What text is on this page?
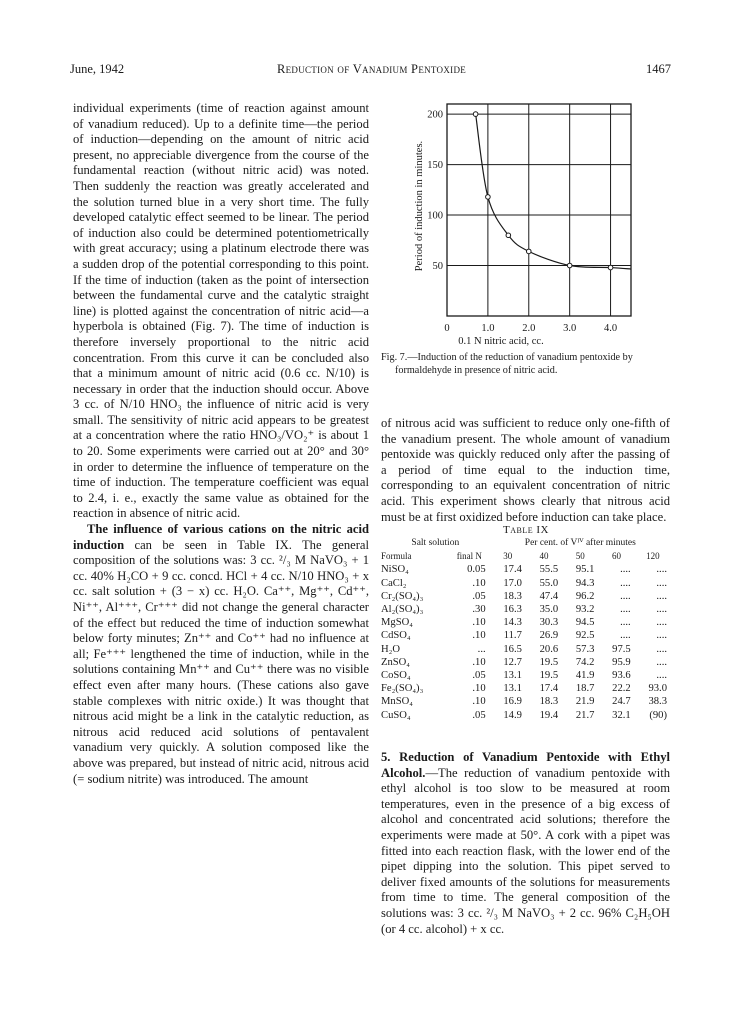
June, 1942	Reduction of Vanadium Pentoxide	1467

individual experiments (time of reaction against amount of vanadium reduced). Up to a definite time—the period of induction—depending on the amount of nitric acid present, no appreciable divergence from the course of the fundamental reaction (without nitric acid) was noted. Then suddenly the reaction was greatly accelerated and the solution turned blue in a very short time. The fully developed catalytic effect seemed to be linear. The period of induction also could be determined potentiometrically with great accuracy; using a platinum electrode there was a sudden drop of the potential corresponding to this point. If the time of induction (taken as the point of intersection between the fundamental curve and the catalytic straight line) is plotted against the concentration of nitric acid—a hyperbola is obtained (Fig. 7). The time of induction is therefore inversely proportional to the nitric acid concentration. From this curve it can be concluded also that a minimum amount of nitric acid (0.6 cc. N/10) is necessary in order that the induction should occur. Above 3 cc. of N/10 HNO₃ the influence of nitric acid is very small. The sensitivity of nitric acid appears to be greatest at a concentration where the ratio HNO₃/VO₂⁺ is about 1 to 20. Some experiments were carried out at 20° and 30° in order to determine the influence of temperature on the time of induction. The temperature coefficient was equal to 2.4, i. e., exactly the same value as obtained for the reaction in absence of nitric acid.

The influence of various cations on the nitric acid induction can be seen in Table IX. The general composition of the solutions was: 3 cc. ²/₃ M NaVO₃ + 1 cc. 40% H₂CO + 9 cc. concd. HCl + 4 cc. N/10 HNO₃ + x cc. salt solution + (3 − x) cc. H₂O. Ca⁺⁺, Mg⁺⁺, Cd⁺⁺, Ni⁺⁺, Al⁺⁺⁺, Cr⁺⁺⁺ did not change the general character of the effect but reduced the time of induction somewhat below forty minutes; Zn⁺⁺ and Co⁺⁺ had no influence at all; Fe⁺⁺⁺ lengthened the time of induction, while in the solutions containing Mn⁺⁺ and Cu⁺⁺ there was no visible effect even after many hours. (These cations also gave stable complexes with nitric oxide.) It was thought that nitrous acid might be a link in the catalytic reduction, as nitrous acid reduced acid solutions of pentavalent vanadium very quickly. A solution composed like the above was prepared, but instead of nitric acid, nitrous acid (= sodium nitrite) was introduced. The amount

0	1.0	2.0	3.0	4.0
50
100
150
200
Period of induction in minutes.
0.1 N nitric acid, cc.
Fig. 7.—Induction of the reduction of vanadium pentoxide by formaldehyde in presence of nitric acid.

of nitrous acid was sufficient to reduce only one-fifth of the vanadium present. The whole amount of vanadium pentoxide was quickly reduced only after the passing of a period of time equal to the induction time, corresponding to an equivalent concentration of nitric acid. This experiment shows clearly that nitrous acid must be at first oxidized before induction can take place.

Table IX
Salt solution		Per cent. of Vᴵⱽ after minutes				
Formula	final N	30	40	50	60	120
NiSO₄	0.05	17.4	55.5	95.1	....	....
CaCl₂	.10	17.0	55.0	94.3	....	....
Cr₂(SO₄)₃	.05	18.3	47.4	96.2	....	....
Al₂(SO₄)₃	.30	16.3	35.0	93.2	....	....
MgSO₄	.10	14.3	30.3	94.5	....	....
CdSO₄	.10	11.7	26.9	92.5	....	....
H₂O	...	16.5	20.6	57.3	97.5	....
ZnSO₄	.10	12.7	19.5	74.2	95.9	....
CoSO₄	.05	13.1	19.5	41.9	93.6	....
Fe₂(SO₄)₃	.10	13.1	17.4	18.7	22.2	93.0
MnSO₄	.10	16.9	18.3	21.9	24.7	38.3
CuSO₄	.05	14.9	19.4	21.7	32.1	(90)

5. Reduction of Vanadium Pentoxide with Ethyl Alcohol.—The reduction of vanadium pentoxide with ethyl alcohol is too slow to be measured at room temperatures, even in the presence of a big excess of alcohol and concentrated acid solutions; therefore the experiments were made at 50°. A cork with a pipet was fitted into each reaction flask, with the lower end of the pipet dipping into the solution. This pipet served to deliver fixed amounts of the solutions for measurements from time to time. The general composition of the solutions was: 3 cc. ²/₃ M NaVO₃ + 2 cc. 96% C₂H₅OH (or 4 cc. alcohol) + x cc.
